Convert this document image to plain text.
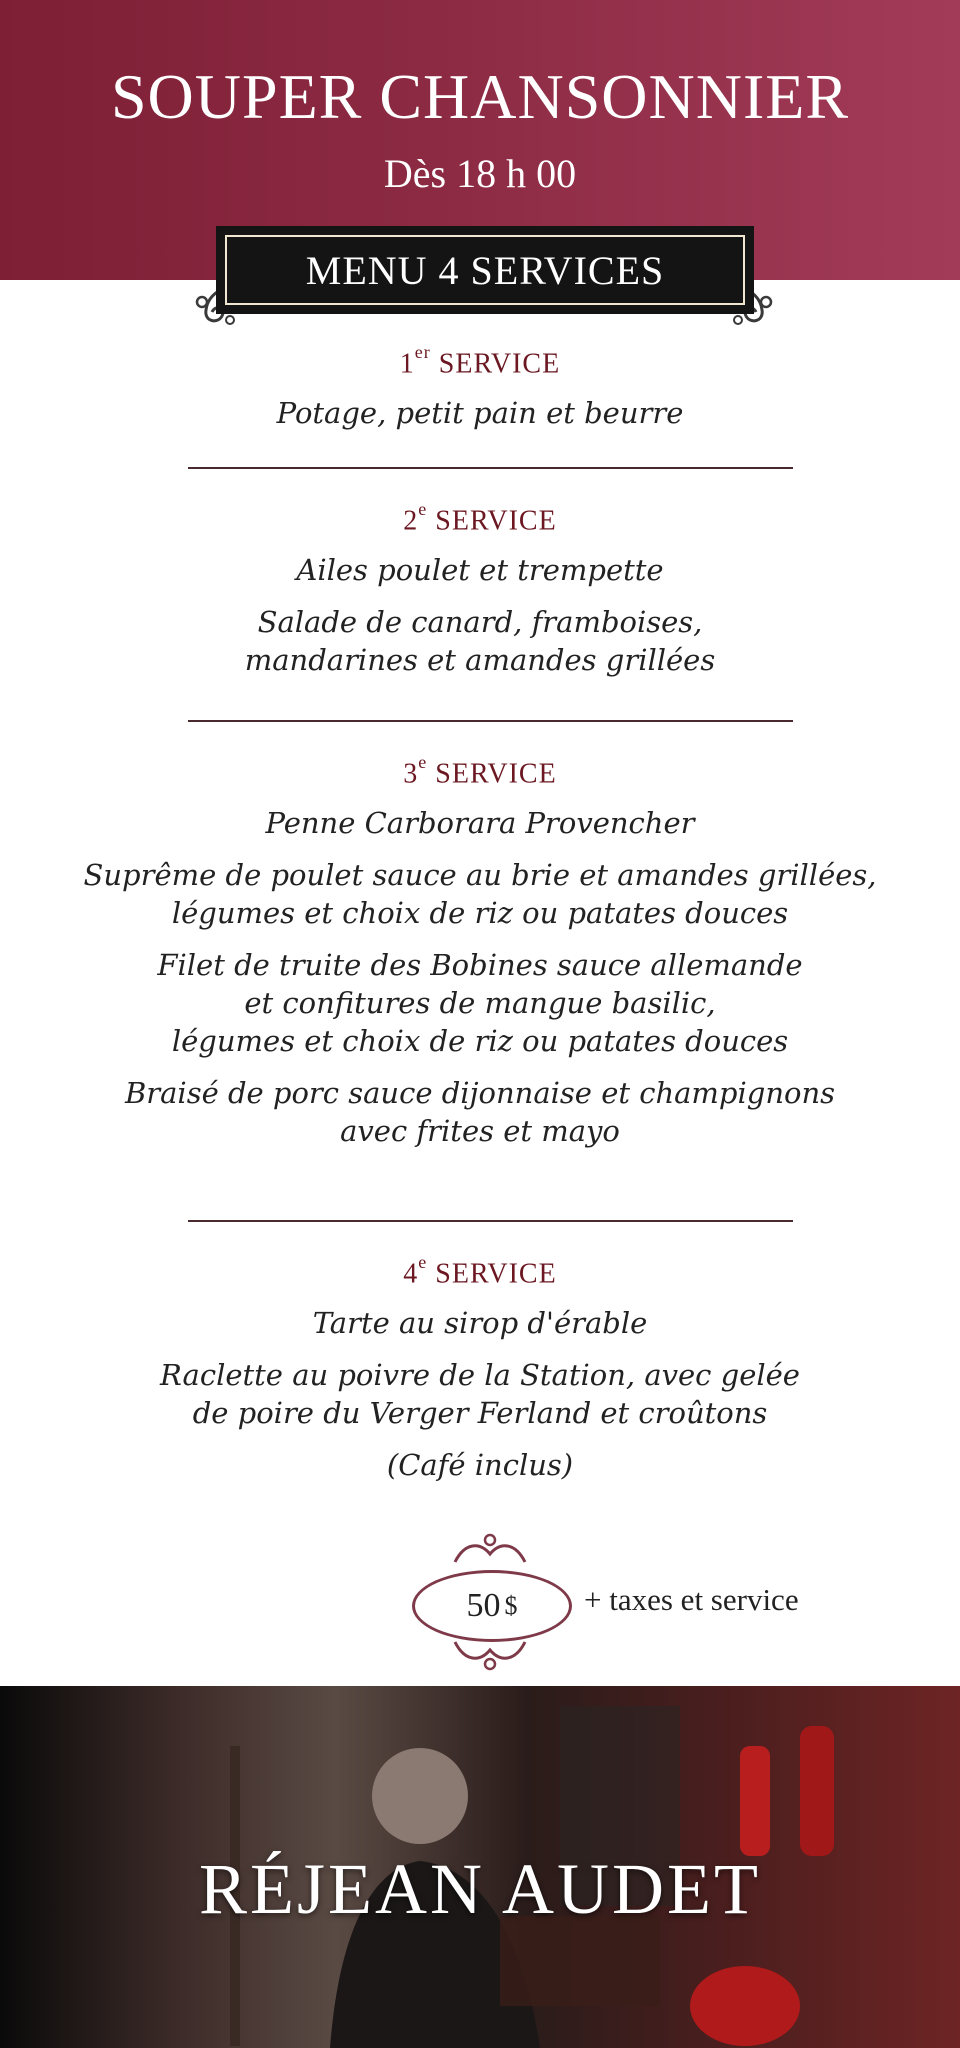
SOUPER CHANSONNIER
Dès 18 h 00
MENU 4 SERVICES
1er SERVICE
Potage, petit pain et beurre
2e SERVICE
Ailes poulet et trempette
Salade de canard, framboises,
mandarines et amandes grillées
3e SERVICE
Penne Carborara Provencher
Suprême de poulet sauce au brie et amandes grillées,
légumes et choix de riz ou patates douces
Filet de truite des Bobines sauce allemande
et confitures de mangue basilic,
légumes et choix de riz ou patates douces
Braisé de porc sauce dijonnaise et champignons
avec frites et mayo
4e SERVICE
Tarte au sirop d'érable
Raclette au poivre de la Station, avec gelée
de poire du Verger Ferland et croûtons
(Café inclus)
50 $ + taxes et service
RÉJEAN AUDET
